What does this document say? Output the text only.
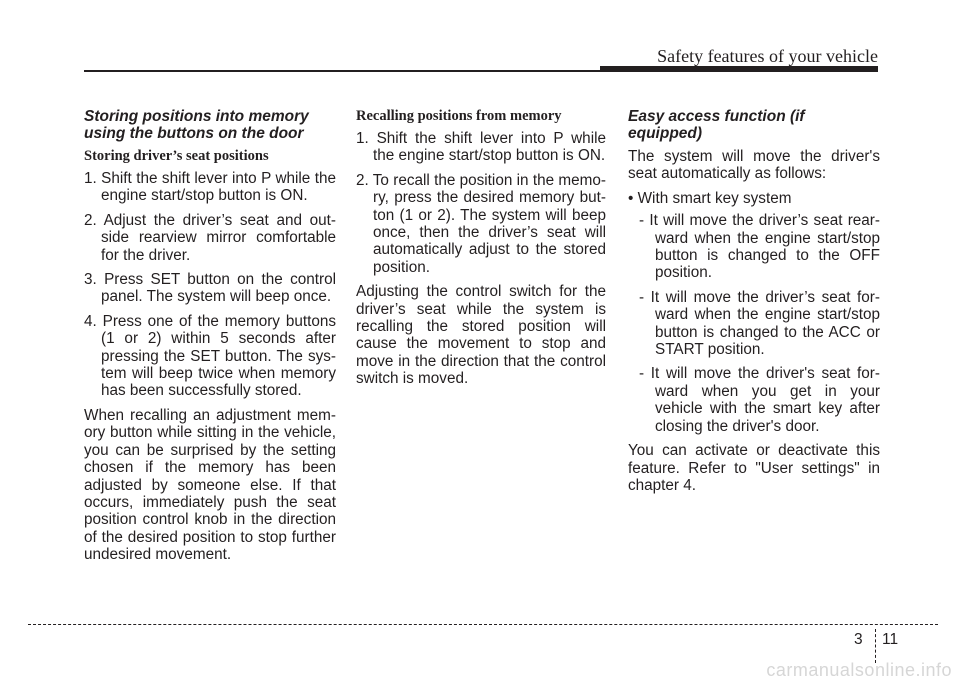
Safety features of your vehicle
Storing positions into memory using the buttons on the door
Storing driver’s seat positions
1. Shift the shift lever into P while the engine start/stop button is ON.
2. Adjust the driver’s seat and out-side rearview mirror comfortable for the driver.
3. Press SET button on the control panel. The system will beep once.
4. Press one of the memory buttons (1 or 2) within 5 seconds after pressing the SET button. The sys-tem will beep twice when memory has been successfully stored.

When recalling an adjustment mem-ory button while sitting in the vehicle, you can be surprised by the setting chosen if the memory has been adjusted by someone else. If that occurs, immediately push the seat position control knob in the direction of the desired position to stop further undesired movement.

Recalling positions from memory
1. Shift the shift lever into P while the engine start/stop button is ON.
2. To recall the position in the memo-ry, press the desired memory but-ton (1 or 2). The system will beep once, then the driver’s seat will automatically adjust to the stored position.

Adjusting the control switch for the driver’s seat while the system is recalling the stored position will cause the movement to stop and move in the direction that the control switch is moved.

Easy access function (if equipped)

The system will move the driver's seat automatically as follows:

• With smart key system
- It will move the driver’s seat rear-ward when the engine start/stop button is changed to the OFF position.
- It will move the driver’s seat for-ward when the engine start/stop button is changed to the ACC or START position.
- It will move the driver's seat for-ward when you get in your vehicle with the smart key after closing the driver's door.

You can activate or deactivate this feature. Refer to "User settings" in chapter 4.

3 11
carmanualsonline.info
